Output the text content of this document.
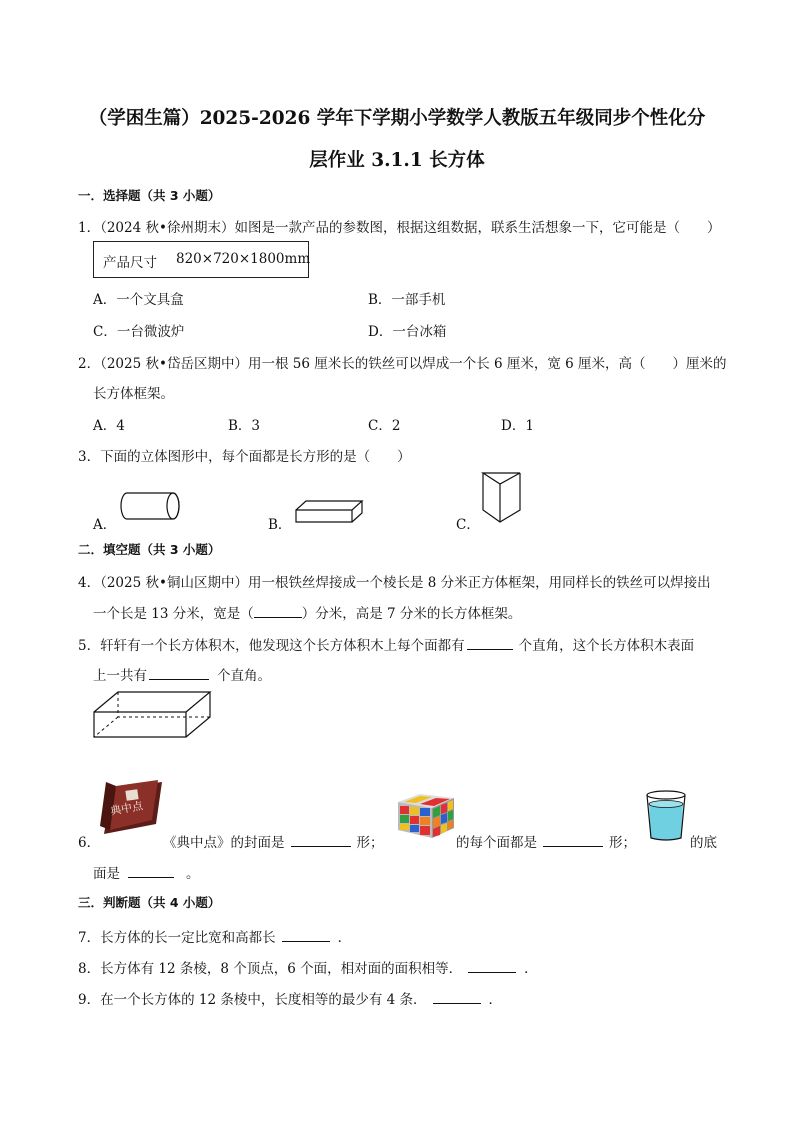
（学困生篇）2025-2026 学年下学期小学数学人教版五年级同步个性化分
层作业 3.1.1 长方体
一．选择题（共 3 小题）
1．（2024 秋•徐州期末）如图是一款产品的参数图，根据这组数据，联系生活想象一下，它可能是（　　）
产品尺寸 820×720×1800mm
A．一个文具盒	B．一部手机
C．一台微波炉	D．一台冰箱
2．（2025 秋•岱岳区期中）用一根 56 厘米长的铁丝可以焊成一个长 6 厘米，宽 6 厘米，高（　　）厘米的
长方体框架。
A．4	B．3	C．2	D．1
3．下面的立体图形中，每个面都是长方形的是（　　）
A．	B．	C．
二．填空题（共 3 小题）
4．（2025 秋•铜山区期中）用一根铁丝焊接成一个棱长是 8 分米正方体框架，用同样长的铁丝可以焊接出
一个长是 13 分米，宽是（	）分米，高是 7 分米的长方体框架。
5．轩轩有一个长方体积木，他发现这个长方体积木上每个面都有	个直角，这个长方体积木表面
上一共有	个直角。
典中点
6．	《典中点》的封面是	形；	的每个面都是	形；	的底
面是	。
三．判断题（共 4 小题）
7．长方体的长一定比宽和高都长	．
8．长方体有 12 条棱，8 个顶点，6 个面，相对面的面积相等．	．
9．在一个长方体的 12 条棱中，长度相等的最少有 4 条．	．
